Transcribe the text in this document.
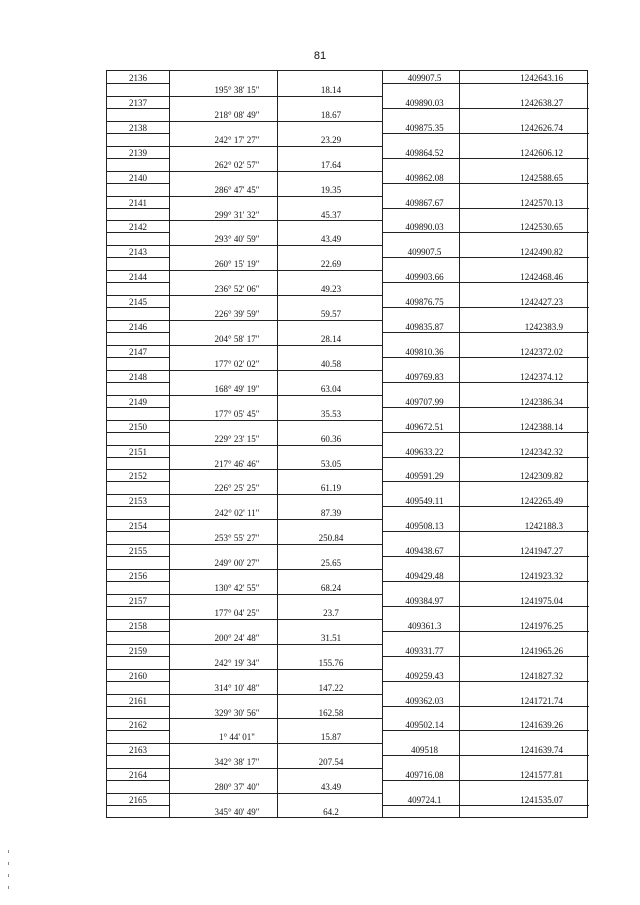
81
2136	409907.5	1242643.16
195° 38' 15"	18.14
2137	409890.03	1242638.27
218° 08' 49"	18.67
2138	409875.35	1242626.74
242° 17' 27"	23.29
2139	409864.52	1242606.12
262° 02' 57"	17.64
2140	409862.08	1242588.65
286° 47' 45"	19.35
2141	409867.67	1242570.13
299° 31' 32"	45.37
2142	409890.03	1242530.65
293° 40' 59"	43.49
2143	409907.5	1242490.82
260° 15' 19"	22.69
2144	409903.66	1242468.46
236° 52' 06"	49.23
2145	409876.75	1242427.23
226° 39' 59"	59.57
2146	409835.87	1242383.9
204° 58' 17"	28.14
2147	409810.36	1242372.02
177° 02' 02"	40.58
2148	409769.83	1242374.12
168° 49' 19"	63.04
2149	409707.99	1242386.34
177° 05' 45"	35.53
2150	409672.51	1242388.14
229° 23' 15"	60.36
2151	409633.22	1242342.32
217° 46' 46"	53.05
2152	409591.29	1242309.82
226° 25' 25"	61.19
2153	409549.11	1242265.49
242° 02' 11"	87.39
2154	409508.13	1242188.3
253° 55' 27"	250.84
2155	409438.67	1241947.27
249° 00' 27"	25.65
2156	409429.48	1241923.32
130° 42' 55"	68.24
2157	409384.97	1241975.04
177° 04' 25"	23.7
2158	409361.3	1241976.25
200° 24' 48"	31.51
2159	409331.77	1241965.26
242° 19' 34"	155.76
2160	409259.43	1241827.32
314° 10' 48"	147.22
2161	409362.03	1241721.74
329° 30' 56"	162.58
2162	409502.14	1241639.26
1° 44' 01"	15.87
2163	409518	1241639.74
342° 38' 17"	207.54
2164	409716.08	1241577.81
280° 37' 40"	43.49
2165	409724.1	1241535.07
345° 40' 49"	64.2
